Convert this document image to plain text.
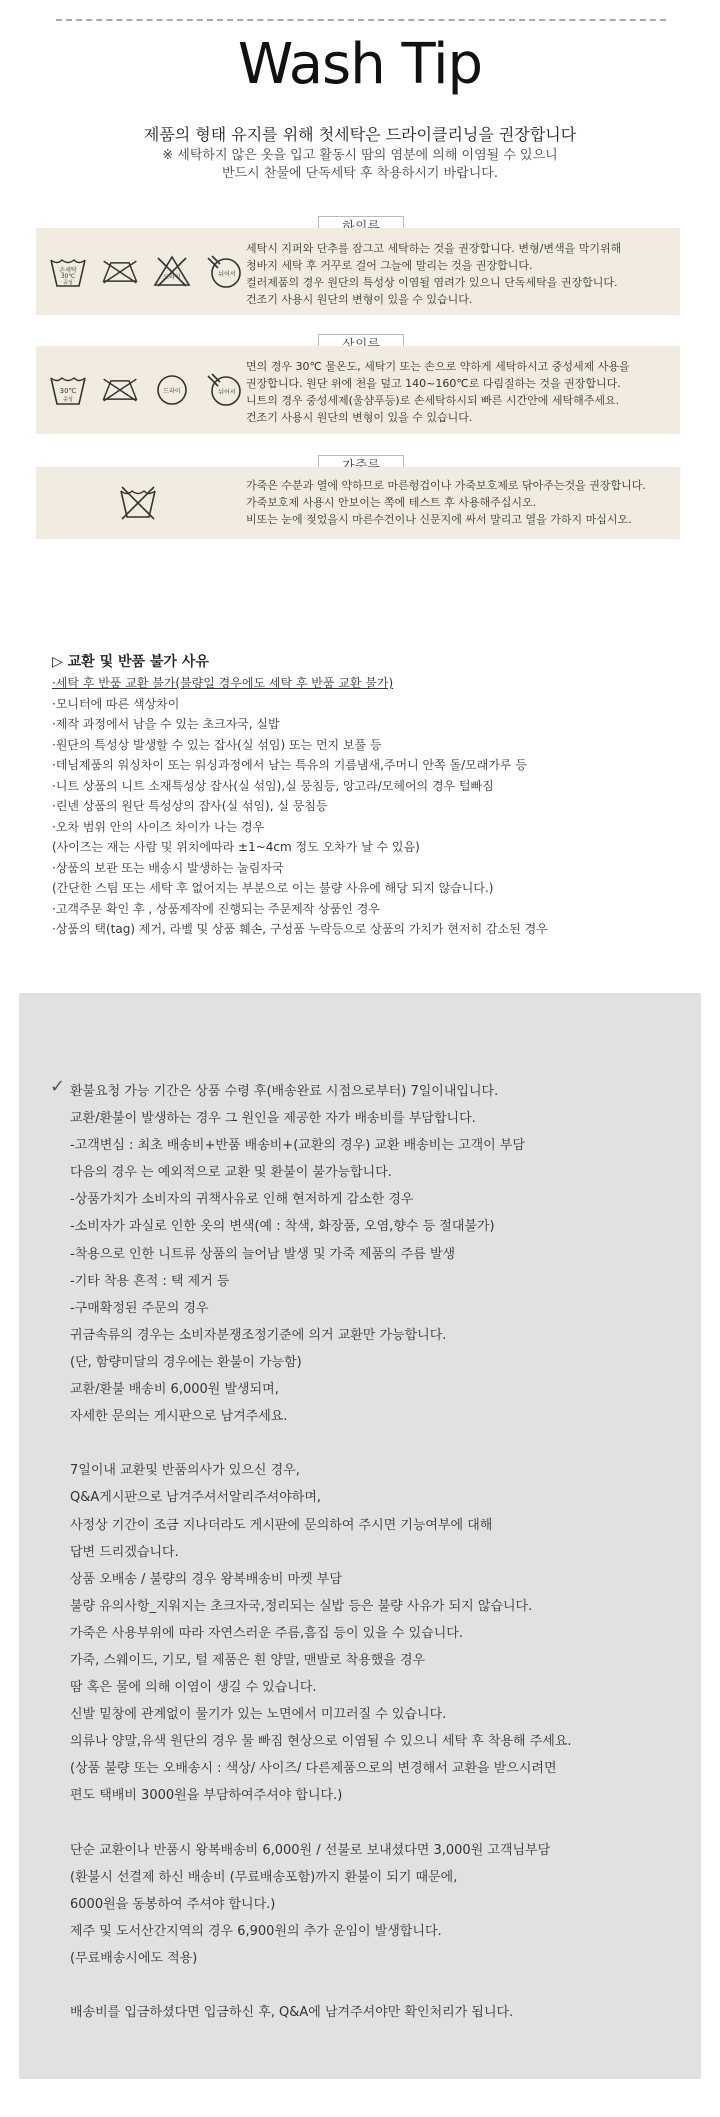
Wash Tip
제품의 형태 유지를 위해 첫세탁은 드라이클리닝을 권장합니다
※ 세탁하지 않은 옷을 입고 활동시 땀의 염분에 의해 이염될 수 있으니
반드시 찬물에 단독세탁 후 착용하시기 바랍니다.
손세탁
30℃
중성
드라이	뉘어서
세탁시 지퍼와 단추를 잠그고 세탁하는 것을 권장합니다. 변형/변색을 막기위해
청바지 세탁 후 거꾸로 걸어 그늘에 말리는 것을 권장합니다.
컬러제품의 경우 원단의 특성상 이염될 염려가 있으니 단독세탁을 권장합니다.
건조기 사용시 원단의 변형이 있을 수 있습니다.
30℃
중성
드라이	뉘어서
면의 경우 30℃ 물온도, 세탁기 또는 손으로 약하게 세탁하시고 중성세제 사용을
권장합니다. 원단 위에 천을 덮고 140~160℃로 다림질하는 것을 권장합니다.
니트의 경우 중성세제(울샴푸등)로 손세탁하시되 빠른 시간안에 세탁해주세요.
건조기 사용시 원단의 변형이 있을 수 있습니다.
가죽은 수분과 열에 약하므로 마른헝겁이나 가죽보호제로 닦아주는것을 권장합니다.
가죽보호제 사용시 안보이는 쪽에 테스트 후 사용해주십시오.
비또는 눈에 젖었을시 마른수건이나 신문지에 싸서 말리고 열을 가하지 마십시오.
▷ 교환 및 반품 불가 사유
·세탁 후 반품 교환 불가(불량일 경우에도 세탁 후 반품 교환 불가)
·모니터에 따른 색상차이
·제작 과정에서 남을 수 있는 초크자국, 실밥
·원단의 특성상 발생할 수 있는 잡사(실 섞임) 또는 먼지 보풀 등
·데님제품의 워싱차이 또는 워싱과정에서 남는 특유의 기름냄새,주머니 안쪽 돌/모래가루 등
·니트 상품의 니트 소재특성상 잡사(실 섞임),실 뭉침등, 앙고라/모헤어의 경우 털빠짐
·린넨 상품의 원단 특성상의 잡사(실 섞임), 실 뭉침등
·오차 범위 안의 사이즈 차이가 나는 경우
(사이즈는 재는 사람 및 위치에따라 ±1~4cm 정도 오차가 날 수 있음)
·상품의 보관 또는 배송시 발생하는 눌림자국
(간단한 스팀 또는 세탁 후 없어지는 부분으로 이는 불량 사유에 해당 되지 않습니다.)
·고객주문 확인 후 , 상품제작에 진행되는 주문제작 상품인 경우
·상품의 택(tag) 제거, 라벨 및 상품 훼손, 구성품 누락등으로 상품의 가치가 현저히 감소된 경우
✓ 환불요청 가능 기간은 상품 수령 후(배송완료 시점으로부터) 7일이내입니다.
교환/환불이 발생하는 경우 그 원인을 제공한 자가 배송비를 부담합니다.
-고객변심 : 최초 배송비+반품 배송비+(교환의 경우) 교환 배송비는 고객이 부담
다음의 경우 는 예외적으로 교환 및 환불이 불가능합니다.
-상품가치가 소비자의 귀책사유로 인해 현저하게 감소한 경우
-소비자가 과실로 인한 옷의 변색(예 : 착색, 화장품, 오염,향수 등 절대불가)
-착용으로 인한 니트류 상품의 늘어남 발생 및 가죽 제품의 주름 발생
-기타 착용 흔적 : 택 제거 등
-구매확정된 주문의 경우
귀금속류의 경우는 소비자분쟁조정기준에 의거 교환만 가능합니다.
(단, 함량미달의 경우에는 환불이 가능함)
교환/환불 배송비 6,000원 발생되며,
자세한 문의는 게시판으로 남겨주세요.
7일이내 교환및 반품의사가 있으신 경우,
Q&A게시판으로 남겨주셔서알리주셔야하며,
사정상 기간이 조금 지나더라도 게시판에 문의하여 주시면 기능여부에 대해
답변 드리겠습니다.
상품 오배송 / 불량의 경우 왕복배송비 마켓 부담
불량 유의사항_지워지는 초크자국,정리되는 실밥 등은 불량 사유가 되지 않습니다.
가죽은 사용부위에 따라 자연스러운 주름,흠집 등이 있을 수 있습니다.
가죽, 스웨이드, 기모, 털 제품은 흰 양말, 맨발로 착용했을 경우
땀 혹은 물에 의해 이염이 생길 수 있습니다.
신발 밑창에 관계없이 물기가 있는 노면에서 미끄러질 수 있습니다.
의류나 양말,유색 원단의 경우 물 빠짐 현상으로 이염될 수 있으니 세탁 후 착용해 주세요.
(상품 불량 또는 오배송시 : 색상/ 사이즈/ 다른제품으로의 변경해서 교환을 받으시려면
편도 택배비 3000원을 부담하여주셔야 합니다.)
단순 교환이나 반품시 왕복배송비 6,000원 / 선불로 보내셨다면 3,000원 고객님부담
(환불시 선결제 하신 배송비 (무료배송포함)까지 환불이 되기 때문에,
6000원을 동봉하여 주셔야 합니다.)
제주 및 도서산간지역의 경우 6,900원의 추가 운임이 발생합니다.
(무료배송시에도 적용)
배송비를 입금하셨다면 입금하신 후, Q&A에 남겨주셔야만 확인처리가 됩니다.
